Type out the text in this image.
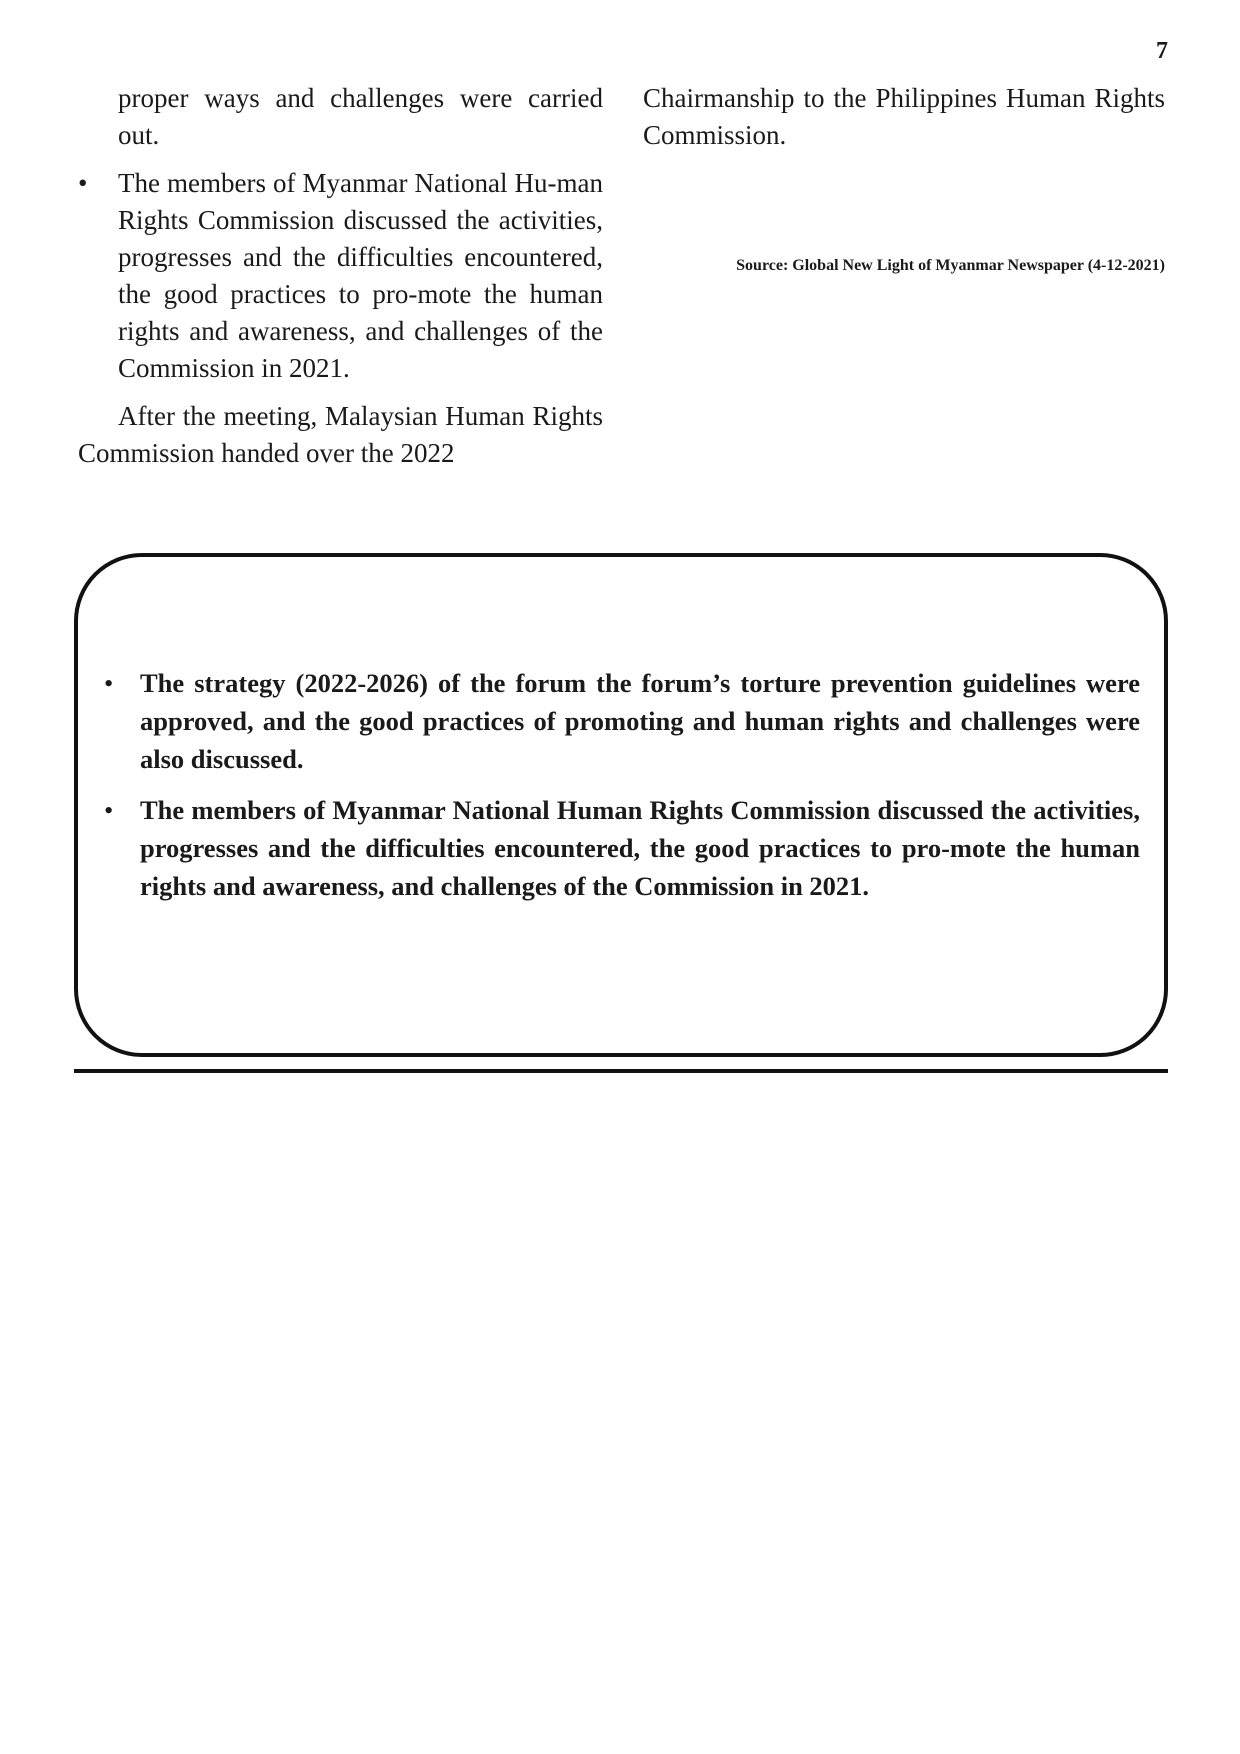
7

proper ways and challenges were carried out.

• The members of Myanmar National Hu-man Rights Commission discussed the activities, progresses and the difficulties encountered, the good practices to pro-mote the human rights and awareness, and challenges of the Commission in 2021.

After the meeting, Malaysian Human Rights Commission handed over the 2022

Chairmanship to the Philippines Human Rights Commission.

Source: Global New Light of Myanmar Newspaper (4-12-2021)
• The strategy (2022-2026) of the forum the forum’s torture prevention guidelines were approved, and the good practices of promoting and human rights and challenges were also discussed.
• The members of Myanmar National Human Rights Commission discussed the activities, progresses and the difficulties encountered, the good practices to pro-mote the human rights and awareness, and challenges of the Commission in 2021.
